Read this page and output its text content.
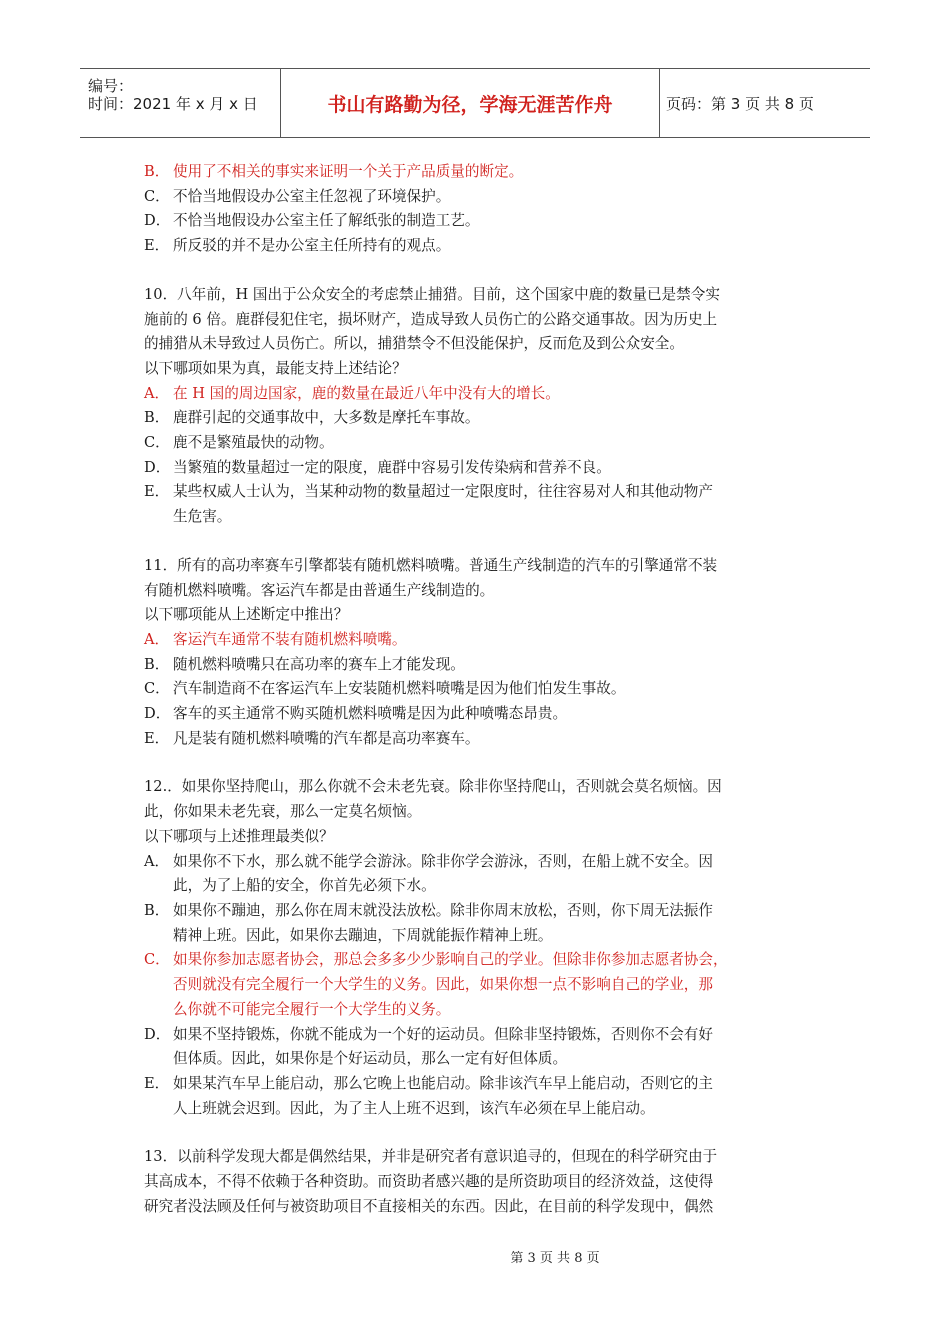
编号：
时间：2021 年 x 月 x 日	书山有路勤为径，学海无涯苦作舟	页码：第 3 页 共 8 页
B． 使用了不相关的事实来证明一个关于产品质量的断定。
C． 不恰当地假设办公室主任忽视了环境保护。
D． 不恰当地假设办公室主任了解纸张的制造工艺。
E． 所反驳的并不是办公室主任所持有的观点。
10．八年前，H 国出于公众安全的考虑禁止捕猎。目前，这个国家中鹿的数量已是禁令实
施前的 6 倍。鹿群侵犯住宅，损坏财产，造成导致人员伤亡的公路交通事故。因为历史上
的捕猎从未导致过人员伤亡。所以，捕猎禁令不但没能保护，反而危及到公众安全。
以下哪项如果为真，最能支持上述结论？
A． 在 H 国的周边国家，鹿的数量在最近八年中没有大的增长。
B． 鹿群引起的交通事故中，大多数是摩托车事故。
C． 鹿不是繁殖最快的动物。
D． 当繁殖的数量超过一定的限度，鹿群中容易引发传染病和营养不良。
E． 某些权威人士认为，当某种动物的数量超过一定限度时，往往容易对人和其他动物产
生危害。
11．所有的高功率赛车引擎都装有随机燃料喷嘴。普通生产线制造的汽车的引擎通常不装
有随机燃料喷嘴。客运汽车都是由普通生产线制造的。
以下哪项能从上述断定中推出？
A． 客运汽车通常不装有随机燃料喷嘴。
B． 随机燃料喷嘴只在高功率的赛车上才能发现。
C． 汽车制造商不在客运汽车上安装随机燃料喷嘴是因为他们怕发生事故。
D． 客车的买主通常不购买随机燃料喷嘴是因为此种喷嘴态昂贵。
E． 凡是装有随机燃料喷嘴的汽车都是高功率赛车。
12.．如果你坚持爬山，那么你就不会未老先衰。除非你坚持爬山，否则就会莫名烦恼。因
此，你如果未老先衰，那么一定莫名烦恼。
以下哪项与上述推理最类似？
A． 如果你不下水，那么就不能学会游泳。除非你学会游泳，否则，在船上就不安全。因
此，为了上船的安全，你首先必须下水。
B． 如果你不蹦迪，那么你在周末就没法放松。除非你周末放松，否则，你下周无法振作
精神上班。因此，如果你去蹦迪，下周就能振作精神上班。
C． 如果你参加志愿者协会，那总会多多少少影响自己的学业。但除非你参加志愿者协会，
否则就没有完全履行一个大学生的义务。因此，如果你想一点不影响自己的学业，那
么你就不可能完全履行一个大学生的义务。
D． 如果不坚持锻炼，你就不能成为一个好的运动员。但除非坚持锻炼，否则你不会有好
但体质。因此，如果你是个好运动员，那么一定有好但体质。
E． 如果某汽车早上能启动，那么它晚上也能启动。除非该汽车早上能启动，否则它的主
人上班就会迟到。因此，为了主人上班不迟到，该汽车必须在早上能启动。
13．以前科学发现大都是偶然结果，并非是研究者有意识追寻的，但现在的科学研究由于
其高成本，不得不依赖于各种资助。而资助者感兴趣的是所资助项目的经济效益，这使得
研究者没法顾及任何与被资助项目不直接相关的东西。因此，在目前的科学发现中，偶然
第 3 页 共 8 页
